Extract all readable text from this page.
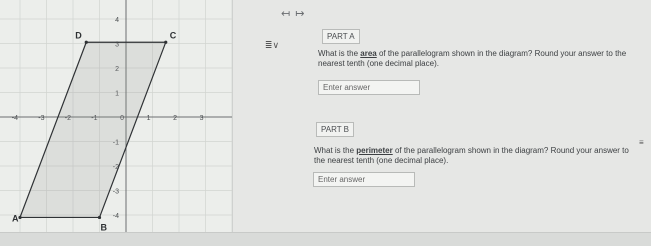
-4	-3	1	2	3
4
-3
-4
A
B
C
D
↤↦
≣∨
PART A
What is the area of the parallelogram shown in the diagram? Round your answer to the nearest tenth (one decimal place).
Enter answer
PART B
What is the perimeter of the parallelogram shown in the diagram? Round your answer to the nearest tenth (one decimal place).
Enter answer
≡
